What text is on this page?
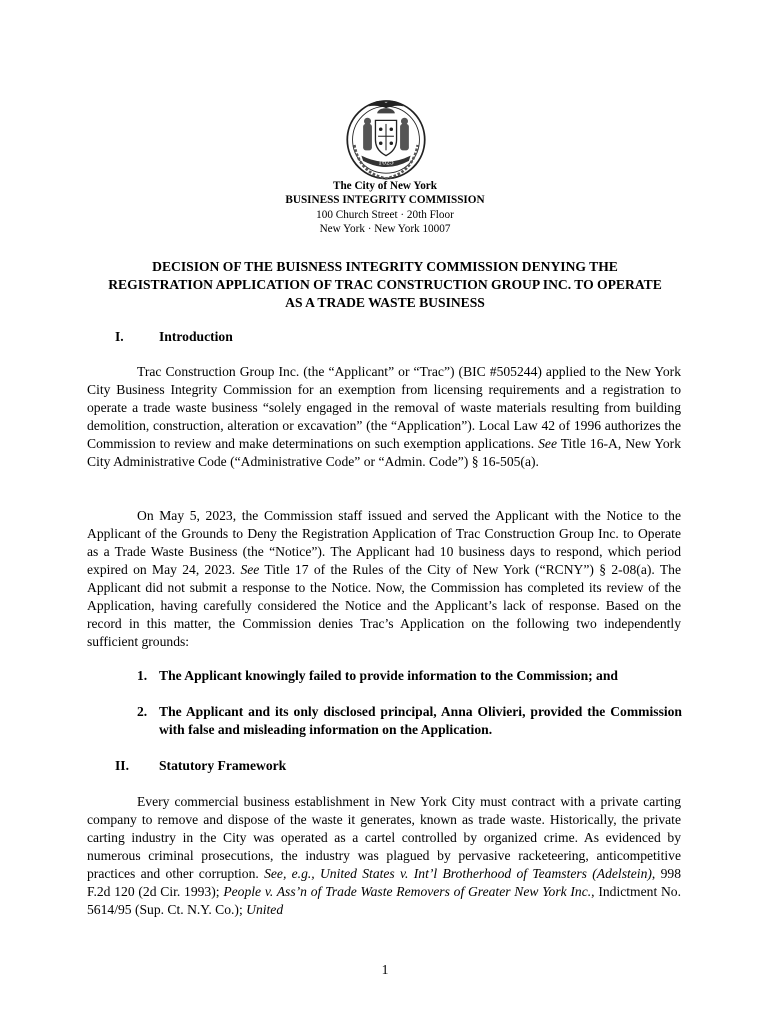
1625
The City of New York
BUSINESS INTEGRITY COMMISSION
100 Church Street · 20th Floor
New York · New York 10007
DECISION OF THE BUISNESS INTEGRITY COMMISSION DENYING THE REGISTRATION APPLICATION OF TRAC CONSTRUCTION GROUP INC. TO OPERATE AS A TRADE WASTE BUSINESS
I.	Introduction

Trac Construction Group Inc. (the “Applicant” or “Trac”) (BIC #505244) applied to the New York City Business Integrity Commission for an exemption from licensing requirements and a registration to operate a trade waste business “solely engaged in the removal of waste materials resulting from building demolition, construction, alteration or excavation” (the “Application”). Local Law 42 of 1996 authorizes the Commission to review and make determinations on such exemption applications. See Title 16-A, New York City Administrative Code (“Administrative Code” or “Admin. Code”) § 16-505(a).

On May 5, 2023, the Commission staff issued and served the Applicant with the Notice to the Applicant of the Grounds to Deny the Registration Application of Trac Construction Group Inc. to Operate as a Trade Waste Business (the “Notice”). The Applicant had 10 business days to respond, which period expired on May 24, 2023. See Title 17 of the Rules of the City of New York (“RCNY”) § 2-08(a). The Applicant did not submit a response to the Notice. Now, the Commission has completed its review of the Application, having carefully considered the Notice and the Applicant’s lack of response. Based on the record in this matter, the Commission denies Trac’s Application on the following two independently sufficient grounds:

1. The Applicant knowingly failed to provide information to the Commission; and
2. The Applicant and its only disclosed principal, Anna Olivieri, provided the Commission with false and misleading information on the Application.
II. Statutory Framework

Every commercial business establishment in New York City must contract with a private carting company to remove and dispose of the waste it generates, known as trade waste. Historically, the private carting industry in the City was operated as a cartel controlled by organized crime. As evidenced by numerous criminal prosecutions, the industry was plagued by pervasive racketeering, anticompetitive practices and other corruption. See, e.g., United States v. Int’l Brotherhood of Teamsters (Adelstein), 998 F.2d 120 (2d Cir. 1993); People v. Ass’n of Trade Waste Removers of Greater New York Inc., Indictment No. 5614/95 (Sup. Ct. N.Y. Co.); United

1
